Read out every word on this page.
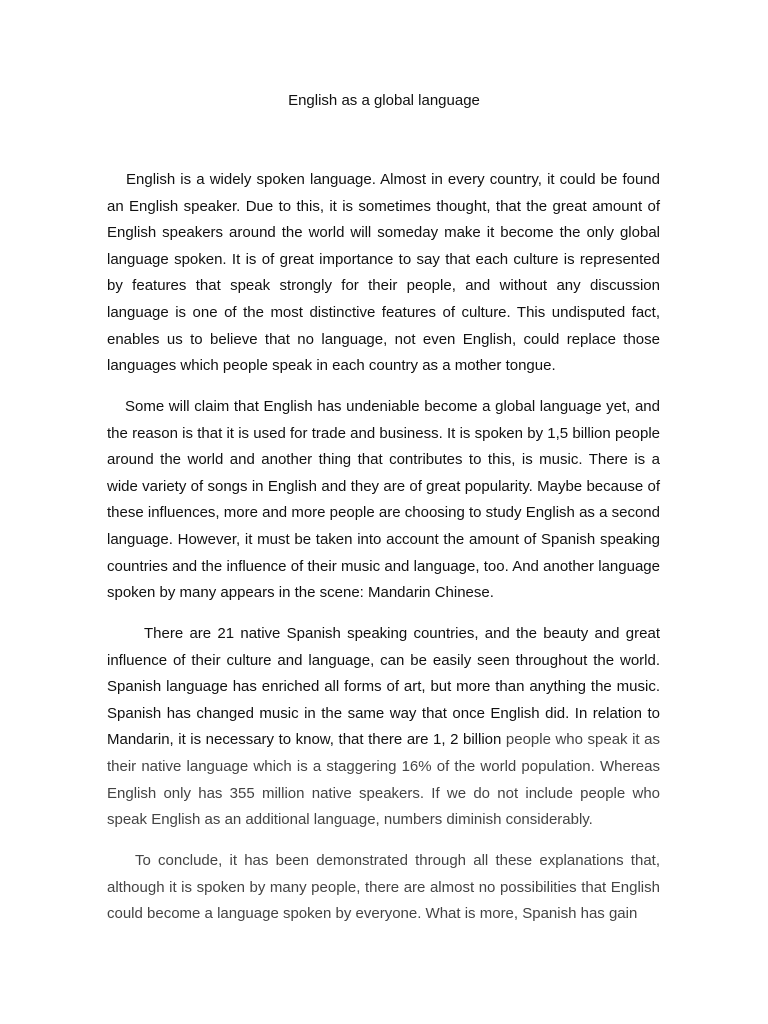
English as a global language

English is a widely spoken language. Almost in every country, it could be found an English speaker. Due to this, it is sometimes thought, that the great amount of English speakers around the world will someday make it become the only global language spoken. It is of great importance to say that each culture is represented by features that speak strongly for their people, and without any discussion language is one of the most distinctive features of culture. This undisputed fact, enables us to believe that no language, not even English, could replace those languages which people speak in each country as a mother tongue.

Some will claim that English has undeniable become a global language yet, and the reason is that it is used for trade and business. It is spoken by 1,5 billion people around the world and another thing that contributes to this, is music. There is a wide variety of songs in English and they are of great popularity. Maybe because of these influences, more and more people are choosing to study English as a second language. However, it must be taken into account the amount of Spanish speaking countries and the influence of their music and language, too. And another language spoken by many appears in the scene: Mandarin Chinese.

There are 21 native Spanish speaking countries, and the beauty and great influence of their culture and language, can be easily seen throughout the world. Spanish language has enriched all forms of art, but more than anything the music. Spanish has changed music in the same way that once English did. In relation to Mandarin, it is necessary to know, that there are 1, 2 billion people who speak it as their native language which is a staggering 16% of the world population. Whereas English only has 355 million native speakers. If we do not include people who speak English as an additional language, numbers diminish considerably.

To conclude, it has been demonstrated through all these explanations that, although it is spoken by many people, there are almost no possibilities that English could become a language spoken by everyone. What is more, Spanish has gain
